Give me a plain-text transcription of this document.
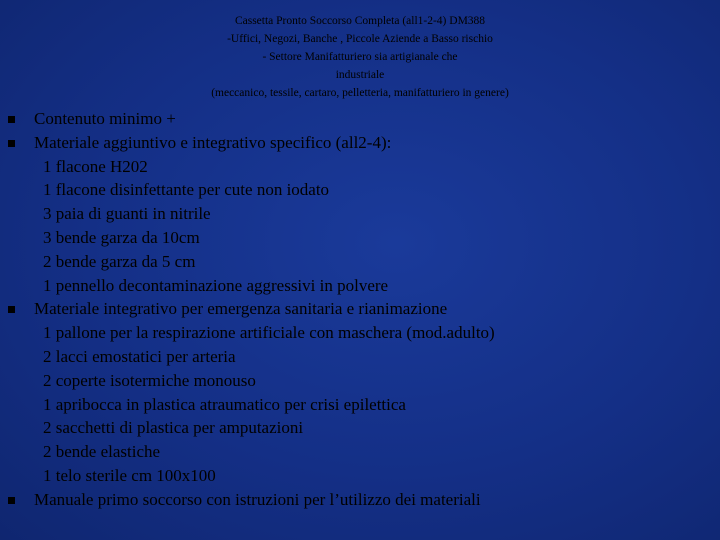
Cassetta Pronto Soccorso Completa (all1-2-4) DM388
-Uffici, Negozi, Banche , Piccole Aziende a Basso rischio
- Settore Manifatturiero sia artigianale che
industriale
(meccanico, tessile, cartaro, pelletteria, manifatturiero in genere)
Contenuto minimo +
Materiale aggiuntivo e integrativo specifico (all2-4):
1 flacone H202
1 flacone disinfettante per cute non iodato
3 paia di guanti in nitrile
3 bende garza da 10cm
2 bende garza da 5 cm
1 pennello decontaminazione aggressivi in polvere
Materiale integrativo per emergenza sanitaria e rianimazione
1 pallone per la respirazione artificiale con maschera (mod.adulto)
2 lacci emostatici per arteria
2 coperte isotermiche monouso
1 apribocca in plastica atraumatico per crisi epilettica
2 sacchetti di plastica per amputazioni
2 bende elastiche
1 telo sterile cm 100x100
Manuale primo soccorso con istruzioni per l’utilizzo dei materiali
